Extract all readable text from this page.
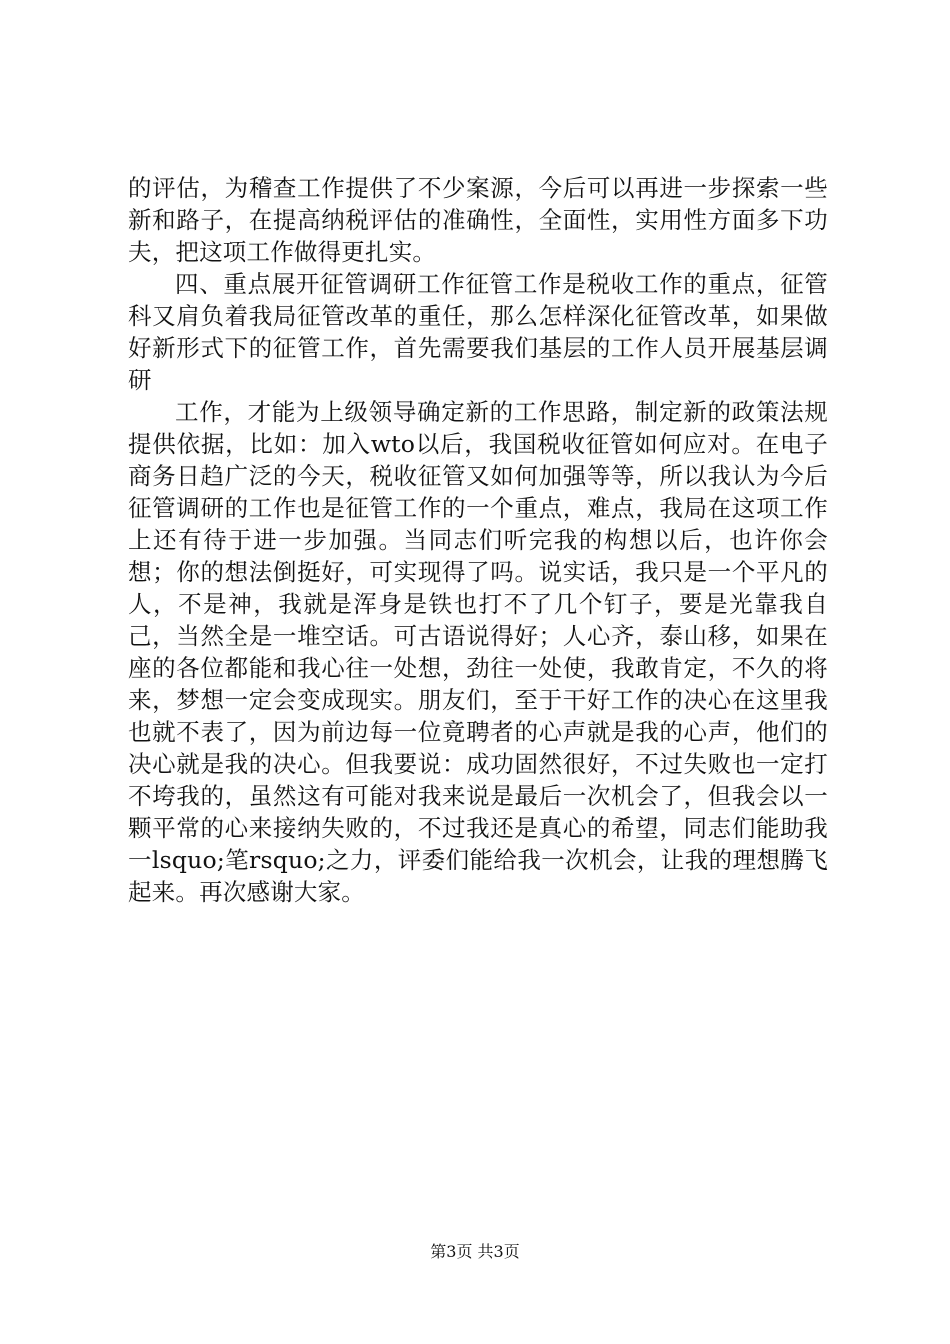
的评估，为稽查工作提供了不少案源，今后可以再进一步探索一些新和路子，在提高纳税评估的准确性，全面性，实用性方面多下功夫，把这项工作做得更扎实。

四、重点展开征管调研工作征管工作是税收工作的重点，征管科又肩负着我局征管改革的重任，那么怎样深化征管改革，如果做好新形式下的征管工作，首先需要我们基层的工作人员开展基层调研

工作，才能为上级领导确定新的工作思路，制定新的政策法规提供依据，比如：加入wto以后，我国税收征管如何应对。在电子商务日趋广泛的今天，税收征管又如何加强等等，所以我认为今后征管调研的工作也是征管工作的一个重点，难点，我局在这项工作上还有待于进一步加强。当同志们听完我的构想以后，也许你会想；你的想法倒挺好，可实现得了吗。说实话，我只是一个平凡的人，不是神，我就是浑身是铁也打不了几个钉子，要是光靠我自己，当然全是一堆空话。可古语说得好；人心齐，泰山移，如果在座的各位都能和我心往一处想，劲往一处使，我敢肯定，不久的将来，梦想一定会变成现实。朋友们，至于干好工作的决心在这里我也就不表了，因为前边每一位竟聘者的心声就是我的心声，他们的决心就是我的决心。但我要说：成功固然很好，不过失败也一定打不垮我的，虽然这有可能对我来说是最后一次机会了，但我会以一颗平常的心来接纳失败的，不过我还是真心的希望，同志们能助我一lsquo;笔rsquo;之力，评委们能给我一次机会，让我的理想腾飞起来。再次感谢大家。

第3页 共3页
